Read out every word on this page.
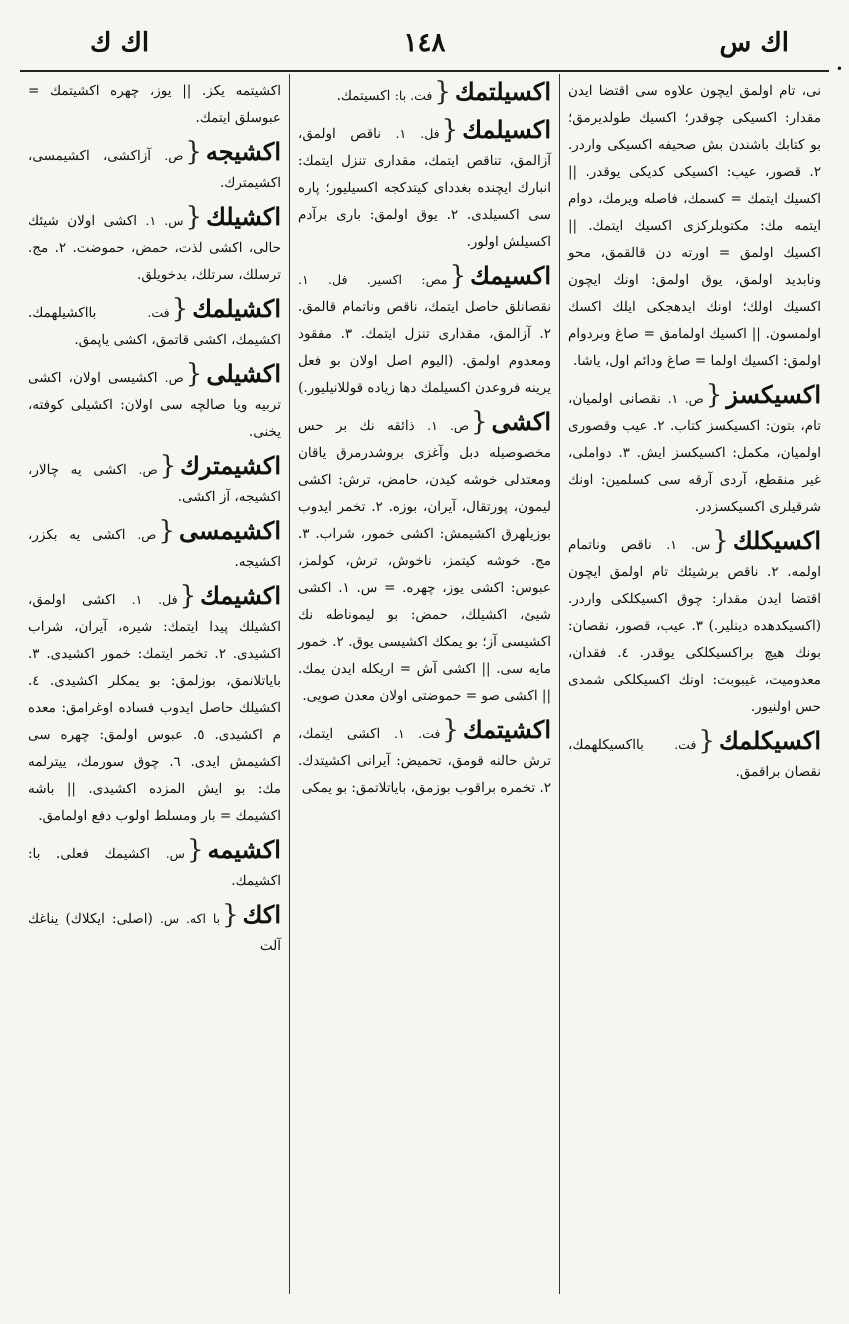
•
اك س
١٤٨
اك ك
نى، تام اولمق ايچون علاوه سى اقتضا ايدن مقدار: اكسيكى چوقدر؛ اكسيك طولديرمق؛ بو كتابك باشندن بش صحيفه اكسيكى واردر. ٢. قصور، عيب: اكسيكى كديكى يوقدر. || اكسيك ايتمك = كسمك، فاصله ويرمك، دوام ايتمه مك: مكتوبلركزى اكسيك ايتمك. || اكسيك اولمق = اورته دن قالقمق، محو ونابديد اولمق، يوق اولمق: اونك ايچون اكسيك اولك؛ اونك ايدهجكى ايلك اكسك اولمسون. || اكسيك اولمامق = صاغ وبردوام اولمق: اكسيك اولما = صاغ ودائم اول، ياشا.
اكسيكسز{ص. ١. نقصانى اولميان، تام، بتون: اكسيكسز كتاب. ٢. عيب وقصورى اولميان، مكمل: اكسيكسز ايش. ٣. دواملى، غير منقطع، آردى آرقه سى كسلمين: اونك شرقيلرى اكسيكسزدر.
اكسيكلك{س. ١. ناقص وناتمام اولمه. ٢. ناقص برشيئك تام اولمق ايچون اقتضا ايدن مقدار: چوق اكسيكلكى واردر. (اكسيكدهده دينلير.) ٣. عيب، قصور، نقصان: بونك هيچ براكسيكلكى يوقدر. ٤. فقدان، معدوميت، غيبوبت: اونك اكسيكلكى شمدى حس اولنيور.
اكسيكلمك{فت. بااكسيكلهمك، نقصان براقمق.
اكسيلتمك{فت. با: اكسيتمك.
اكسيلمك{فل. ١. ناقص اولمق، آزالمق، تناقص ايتمك، مقدارى تنزل ايتمك: انبارك ايچنده بغدداى كيتدكجه اكسيليور؛ پاره سى اكسيلدى. ٢. يوق اولمق: بارى برآدم اكسيلش اولور.
اكسيمك{مص: اكسير. فل. ١. نقصانلق حاصل ايتمك، ناقص وناتمام قالمق. ٢. آزالمق، مقدارى تنزل ايتمك. ٣. مفقود ومعدوم اولمق. (اليوم اصل اولان بو فعل يرينه فروعدن اكسيلمك دها زياده قوللانيليور.)
اكشى{ص. ١. ذائقه نك بر حس مخصوصيله دبل وآغزى بروشدرمرق ياقان ومعتدلى خوشه كيدن، حامض، ترش: اكشى ليمون، پورتقال، آيران، بوزه. ٢. تخمر ايدوب بوزيلهرق اكشيمش: اكشى خمور، شراب. ٣. مج. خوشه كيتمز، ناخوش، ترش، كولمز، عبوس: اكشى يوز، چهره. = س. ١. اكشى شيئ، اكشيلك، حمض: بو ليموناطه نك اكشيسى آز؛ بو يمكك اكشيسى يوق. ٢. خمور مايه سى. || اكشى آش = اريكله ايدن يمك. || اكشى صو = حموضتى اولان معدن صويى.
اكشيتمك{فت. ١. اكشى ايتمك، ترش حالنه قومق، تحميض: آيرانى اكشيتدك. ٢. تخمره براقوب بوزمق، باياتلاتمق: بو يمكى
اكشيتمه يكز. || يوز، چهره اكشيتمك = عبوسلق ايتمك.
اكشيجه{ص. آزاكشى، اكشيمسى، اكشيمترك.
اكشيلك{س. ١. اكشى اولان شيئك حالى، اكشى لذت، حمض، حموضت. ٢. مج. ترسلك، سرتلك، بدخويلق.
اكشيلمك{فت. بااكشيلهمك. اكشيمك، اكشى قاتمق، اكشى ياپمق.
اكشيلى{ص. اكشيسى اولان، اكشى تربيه ويا صالچه سى اولان: اكشيلى كوفته، يخنى.
اكشيمترك{ص. اكشى يه چالار، اكشيجه، آز اكشى.
اكشيمسى{ص. اكشى يه بكزر، اكشيجه.
اكشيمك{فل. ١. اكشى اولمق، اكشيلك پيدا ايتمك: شيره، آيران، شراب اكشيدى. ٢. تخمر ايتمك: خمور اكشيدى. ٣. بایاتلانمق، بوزلمق: بو يمكلر اكشيدى. ٤. اكشيلك حاصل ايدوب فساده اوغرامق: معده م اكشيدى. ٥. عبوس اولمق: چهره سى اكشيمش ايدى. ٦. چوق سورمك، ييترلمه مك: بو ايش المزده اكشيدى. || باشه اكشيمك = بار ومسلط اولوب دفع اولمامق.
اكشيمه{س. اكشيمك فعلى. با: اكشيمك.
اكك{با اكه. س. (اصلى: ايكلاك) يناغك آلت
